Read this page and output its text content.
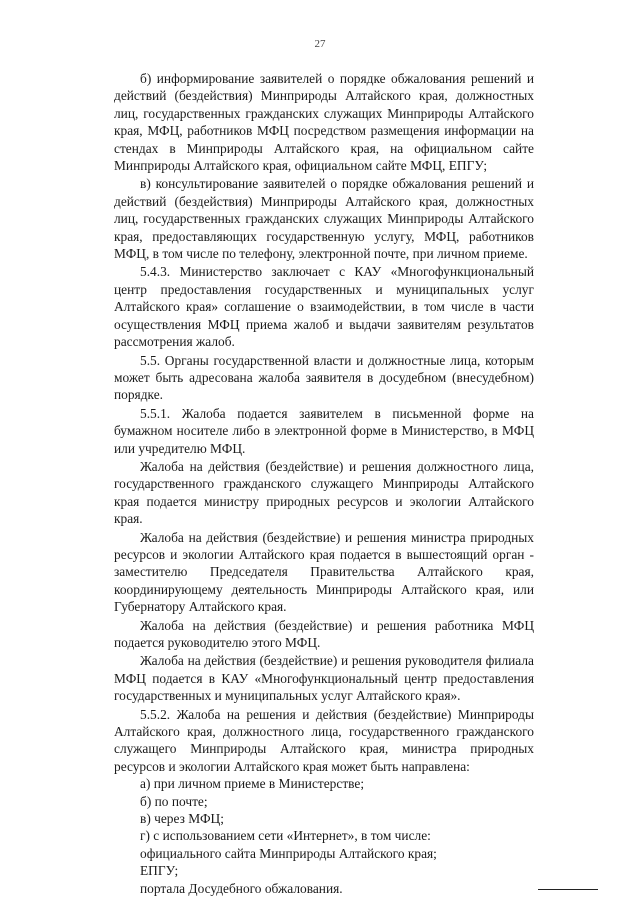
27

б) информирование заявителей о порядке обжалования решений и действий (бездействия) Минприроды Алтайского края, должностных лиц, государственных гражданских служащих Минприроды Алтайского края, МФЦ, работников МФЦ посредством размещения информации на стендах в Минприроды Алтайского края, на официальном сайте Минприроды Алтайского края, официальном сайте МФЦ, ЕПГУ;

в) консультирование заявителей о порядке обжалования решений и действий (бездействия) Минприроды Алтайского края, должностных лиц, государственных гражданских служащих Минприроды Алтайского края, предоставляющих государственную услугу, МФЦ, работников МФЦ, в том числе по телефону, электронной почте, при личном приеме.

5.4.3. Министерство заключает с КАУ «Многофункциональный центр предоставления государственных и муниципальных услуг Алтайского края» соглашение о взаимодействии, в том числе в части осуществления МФЦ приема жалоб и выдачи заявителям результатов рассмотрения жалоб.

5.5. Органы государственной власти и должностные лица, которым может быть адресована жалоба заявителя в досудебном (внесудебном) порядке.

5.5.1. Жалоба подается заявителем в письменной форме на бумажном носителе либо в электронной форме в Министерство, в МФЦ или учредителю МФЦ.

Жалоба на действия (бездействие) и решения должностного лица, государственного гражданского служащего Минприроды Алтайского края подается министру природных ресурсов и экологии Алтайского края.

Жалоба на действия (бездействие) и решения министра природных ресурсов и экологии Алтайского края подается в вышестоящий орган - заместителю Председателя Правительства Алтайского края, координирующему деятельность Минприроды Алтайского края, или Губернатору Алтайского края.

Жалоба на действия (бездействие) и решения работника МФЦ подается руководителю этого МФЦ.

Жалоба на действия (бездействие) и решения руководителя филиала МФЦ подается в КАУ «Многофункциональный центр предоставления государственных и муниципальных услуг Алтайского края».

5.5.2. Жалоба на решения и действия (бездействие) Минприроды Алтайского края, должностного лица, государственного гражданского служащего Минприроды Алтайского края, министра природных ресурсов и экологии Алтайского края может быть направлена:

а) при личном приеме в Министерстве;
б) по почте;
в) через МФЦ;
г) с использованием сети «Интернет», в том числе:
официального сайта Минприроды Алтайского края;
ЕПГУ;
портала Досудебного обжалования.
